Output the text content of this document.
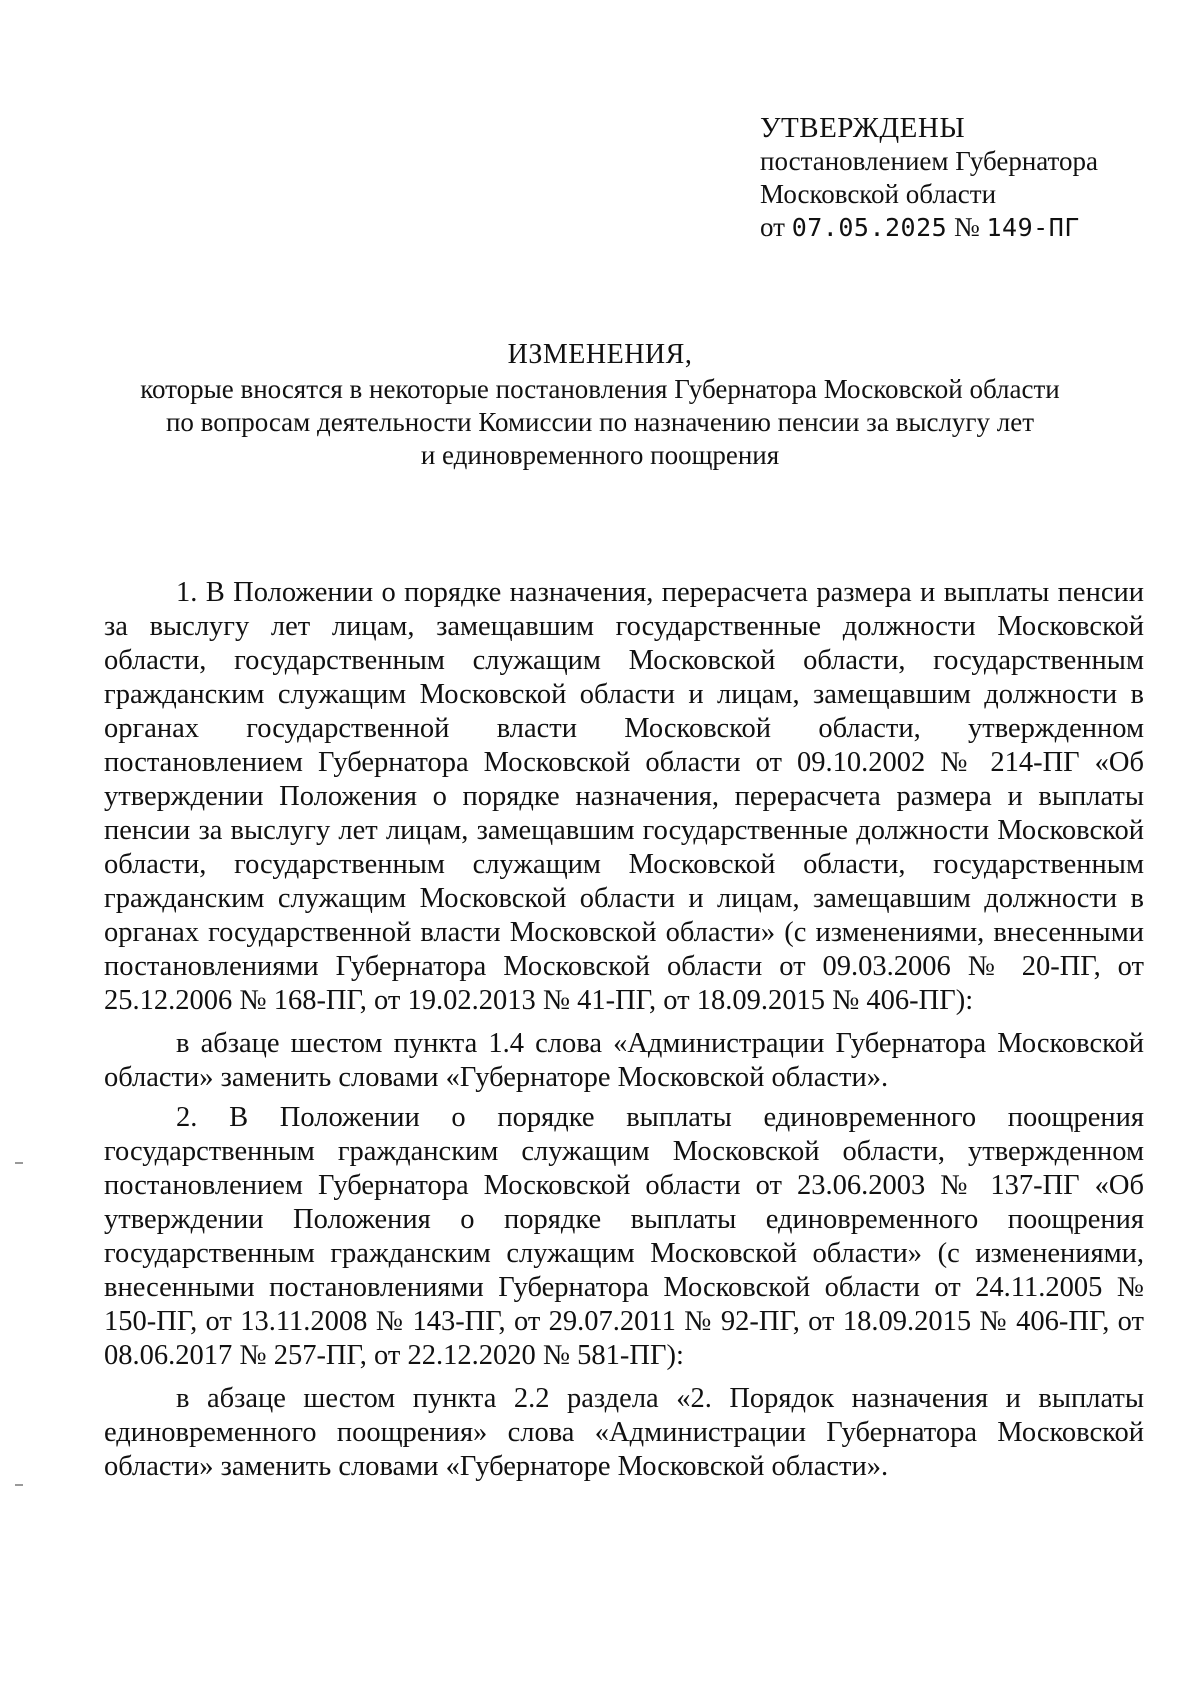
УТВЕРЖДЕНЫ
постановлением Губернатора
Московской области
от 07.05.2025 № 149-ПГ
ИЗМЕНЕНИЯ,
которые вносятся в некоторые постановления Губернатора Московской области
по вопросам деятельности Комиссии по назначению пенсии за выслугу лет
и единовременного поощрения

1. В Положении о порядке назначения, перерасчета размера и выплаты пенсии за выслугу лет лицам, замещавшим государственные должности Московской области, государственным служащим Московской области, государственным гражданским служащим Московской области и лицам, замещавшим должности в органах государственной власти Московской области, утвержденном постановлением Губернатора Московской области от 09.10.2002 № 214-ПГ «Об утверждении Положения о порядке назначения, перерасчета размера и выплаты пенсии за выслугу лет лицам, замещавшим государственные должности Московской области, государственным служащим Московской области, государственным гражданским служащим Московской области и лицам, замещавшим должности в органах государственной власти Московской области» (с изменениями, внесенными постановлениями Губернатора Московской области от 09.03.2006 № 20-ПГ, от 25.12.2006 № 168-ПГ, от 19.02.2013 № 41-ПГ, от 18.09.2015 № 406-ПГ):

в абзаце шестом пункта 1.4 слова «Администрации Губернатора Московской области» заменить словами «Губернаторе Московской области».

2. В Положении о порядке выплаты единовременного поощрения государственным гражданским служащим Московской области, утвержденном постановлением Губернатора Московской области от 23.06.2003 № 137-ПГ «Об утверждении Положения о порядке выплаты единовременного поощрения государственным гражданским служащим Московской области» (с изменениями, внесенными постановлениями Губернатора Московской области от 24.11.2005 № 150-ПГ, от 13.11.2008 № 143-ПГ, от 29.07.2011 № 92-ПГ, от 18.09.2015 № 406-ПГ, от 08.06.2017 № 257-ПГ, от 22.12.2020 № 581-ПГ):

в абзаце шестом пункта 2.2 раздела «2. Порядок назначения и выплаты единовременного поощрения» слова «Администрации Губернатора Московской области» заменить словами «Губернаторе Московской области».
